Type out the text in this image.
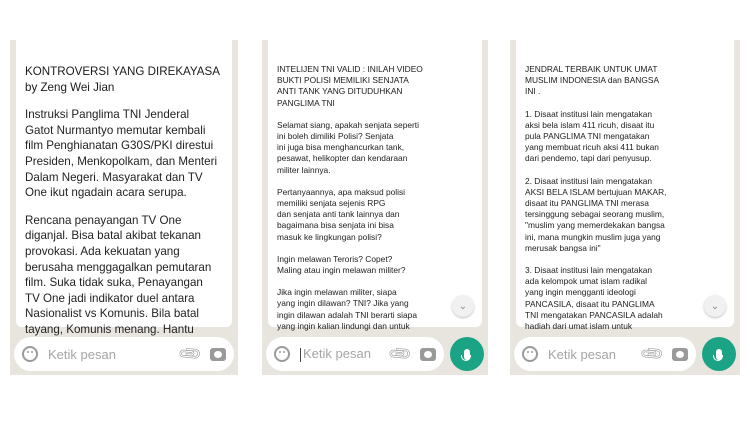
KONTROVERSI YANG DIREKAYASA
by Zeng Wei Jian
Instruksi Panglima TNI Jenderal
Gatot Nurmantyo memutar kembali
film Penghianatan G30S/PKI direstui
Presiden, Menkopolkam, dan Menteri
Dalam Negeri. Masyarakat dan TV
One ikut ngadain acara serupa.
Rencana penayangan TV One
diganjal. Bisa batal akibat tekanan
provokasi. Ada kekuatan yang
berusaha menggagalkan pemutaran
film. Suka tidak suka, Penayangan
TV One jadi indikator duel antara
Nasionalist vs Komunis. Bila batal
tayang, Komunis menang. Hantu
Ketik pesan	📎︎
INTELIJEN TNI VALID : INILAH VIDEO
BUKTI POLISI MEMILIKI SENJATA
ANTI TANK YANG DITUDUHKAN
PANGLIMA TNI
Selamat siang, apakah senjata seperti
ini boleh dimiliki Polisi? Senjata
ini juga bisa menghancurkan tank,
pesawat, helikopter dan kendaraan
militer lainnya.
Pertanyaannya, apa maksud polisi
memiliki senjata sejenis RPG
dan senjata anti tank lainnya dan
bagaimana bisa senjata ini bisa
masuk ke lingkungan polisi?
Ingin melawan Teroris? Copet?
Maling atau ingin melawan militer?
Jika ingin melawan militer, siapa
yang ingin dilawan? TNI? Jika yang
ingin dilawan adalah TNI berarti siapa
yang ingin kalian lindungi dan untuk
⌄
Ketik pesan 📎︎
JENDRAL TERBAIK UNTUK UMAT
MUSLIM INDONESIA dan BANGSA
INI .
1. Disaat institusi lain mengatakan
aksi bela islam 411 ricuh, disaat itu
pula PANGLIMA TNI mengatakan
yang membuat ricuh aksi 411 bukan
dari pendemo, tapi dari penyusup.
2. Disaat institusi lain mengatakan
AKSI BELA ISLAM bertujuan MAKAR,
disaat itu PANGLIMA TNI merasa
tersinggung sebagai seorang muslim,
"muslim yang memerdekakan bangsa
ini, mana mungkin muslim juga yang
merusak bangsa ini"
3. Disaat institusi lain mengatakan
ada kelompok umat islam radikal
yang ingin mengganti ideologi
PANCASILA, disaat itu PANGLIMA
TNI mengatakan PANCASILA adalah
hadiah dari umat islam untuk
⌄
Ketik pesan	📎︎
